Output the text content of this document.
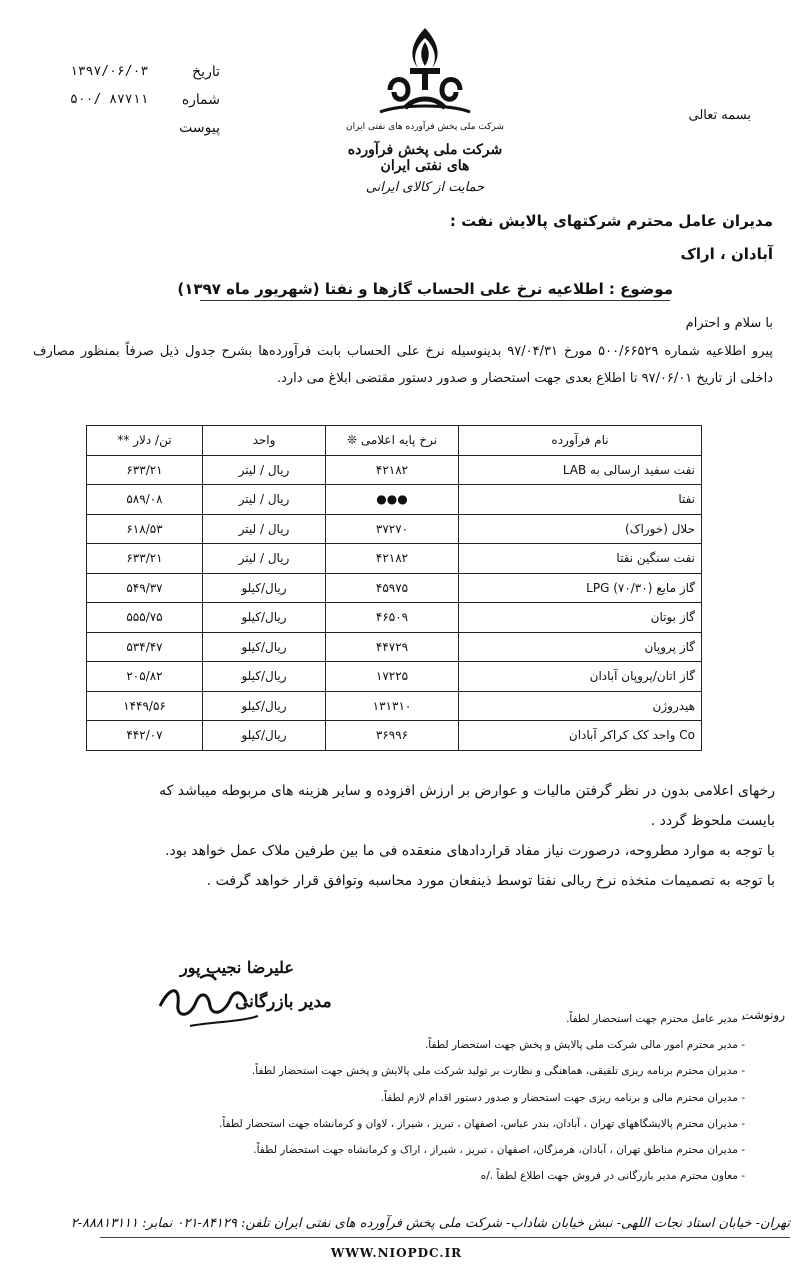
بسمه تعالی
تاریخ
۱۳۹۷/۰۶/۰۳
شماره
۵۰۰/ ۸۷۷۱۱
پیوست	شرکت ملی پخش فرآورده های نفتی ایران
شرکت ملی پخش فرآورده های نفتی ایران
حمایت از کالای ایرانی
مدیران عامل محترم شرکتهای پالایش نفت :
آبادان ، اراک
موضوع : اطلاعیه نرخ علی الحساب گازها و نفتا (شهریور ماه ۱۳۹۷)
با سلام و احترام
پیرو اطلاعیه شماره ۵۰۰/۶۶۵۲۹ مورخ ۹۷/۰۴/۳۱ بدینوسیله نرخ علی الحساب بابت فرآورده‌ها بشرح جدول ذیل صرفاً بمنظور مصارف داخلی از تاریخ ۹۷/۰۶/۰۱ تا اطلاع بعدی جهت استحضار و صدور دستور مقتضی ابلاغ می دارد.
نام فرآورده	نرخ پایه اعلامی ❊	واحد	تن/ دلار **
نفت سفید ارسالی به LAB	۴۲۱۸۲	ریال / لیتر	۶۳۳/۲۱
نفتا	●●●	ریال / لیتر	۵۸۹/۰۸
حلال (خوراک)	۳۷۲۷۰	ریال / لیتر	۶۱۸/۵۳
نفت سنگین نفتا	۴۲۱۸۲	ریال / لیتر	۶۳۳/۲۱
گاز مایع LPG (۷۰/۳۰)	۴۵۹۷۵	ریال/کیلو	۵۴۹/۳۷
گاز بوتان	۴۶۵۰۹	ریال/کیلو	۵۵۵/۷۵
گاز پروپان	۴۴۷۲۹	ریال/کیلو	۵۳۴/۴۷
گاز اتان/پروپان آبادان	۱۷۲۲۵	ریال/کیلو	۲۰۵/۸۲
هیدروژن	۱۳۱۳۱۰	ریال/کیلو	۱۴۴۹/۵۶
Co واحد کک کراکر آبادان	۳۶۹۹۶	ریال/کیلو	۴۴۲/۰۷
رخهای اعلامی بدون در نظر گرفتن مالیات و عوارض بر ارزش افزوده و سایر هزینه های مربوطه میباشد که
بایست ملحوظ گردد .
با توجه به موارد مطروحه، درصورت نیاز مفاد قراردادهای منعقده فی ما بین طرفین ملاک عمل خواهد بود.
با توجه به تصمیمات متخذه نرخ ریالی نفتا توسط ذینفعان مورد محاسبه وتوافق قرار خواهد گرفت .
علیرضا نجیب پور
مدیر بازرگانی
رونوشت
- مدیر عامل محترم جهت استحضار لطفاً.
- مدیر محترم امور مالی شرکت ملی پالایش و پخش جهت استحضار لطفاً.
- مدیران محترم برنامه ریزی تلفیقی، هماهنگی و نظارت بر تولید شرکت ملی پالایش و پخش جهت استحضار لطفاً.
- مدیران محترم مالی و برنامه ریزی جهت استحضار و صدور دستور اقدام لازم لطفاً.
- مدیران محترم پالایشگاههای تهران ، آبادان، بندر عباس، اصفهان ، تبریز ، شیراز ، لاوان و کرمانشاه جهت استحضار لطفاً.
- مدیران محترم مناطق تهران ، آبادان، هرمزگان، اصفهان ، تبریز ، شیراز ، اراک و کرمانشاه جهت استحضار لطفاً.
- معاون محترم مدیر بازرگانی در فروش جهت اطلاع لطفاً ./ه
تهران- خیابان استاد نجات اللهی- نبش خیابان شاداب- شرکت ملی پخش فرآورده های نفتی ایران تلفن: ۸۴۱۲۹-۰۲۱ نمابر: ۸۸۸۱۳۱۱۱-۲
WWW.NIOPDC.IR
